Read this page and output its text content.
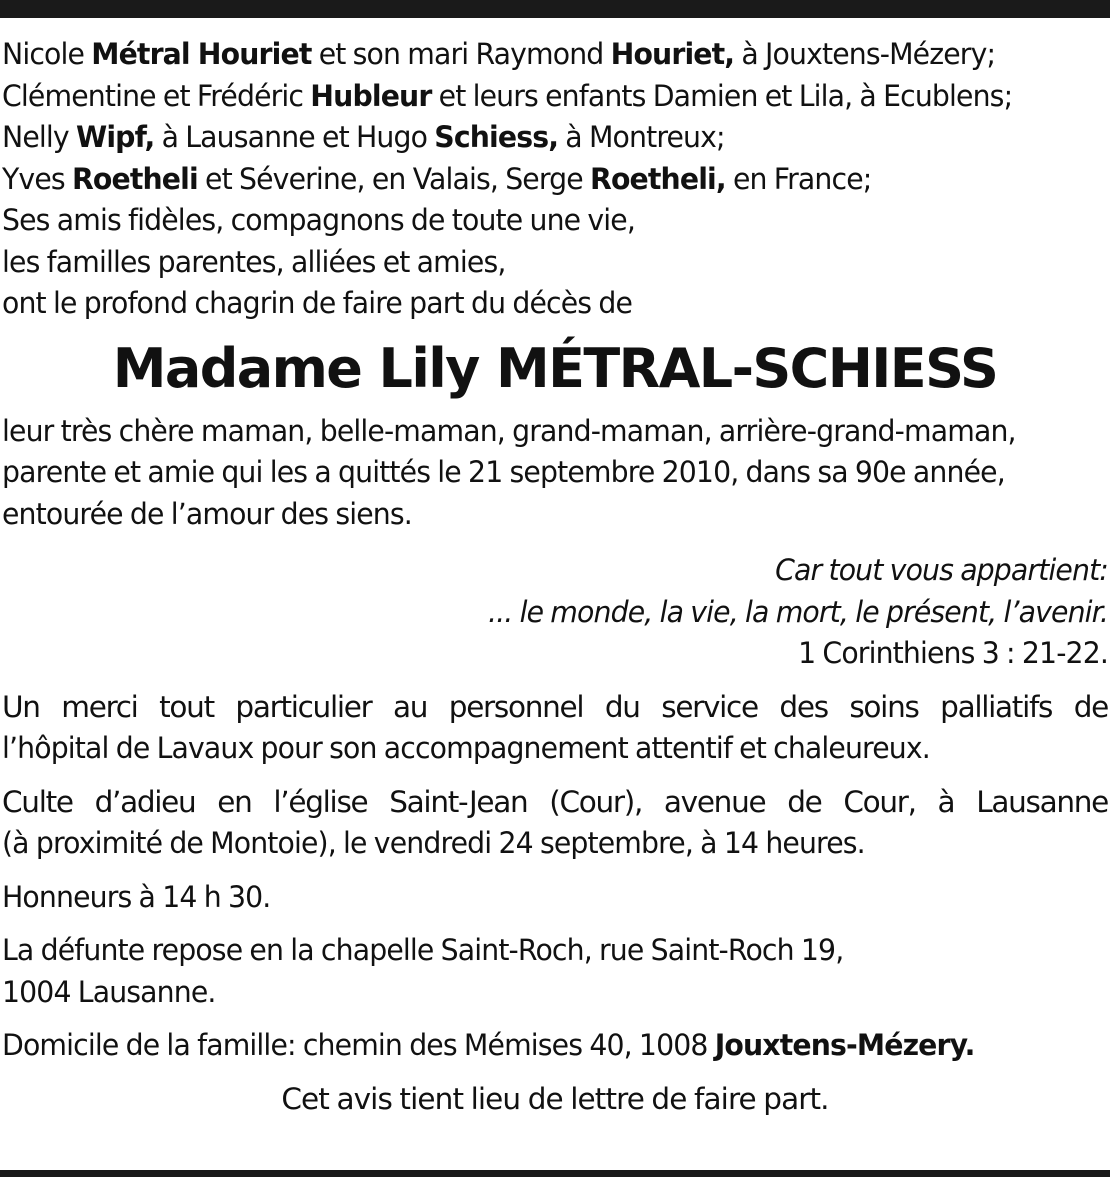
Nicole Métral Houriet et son mari Raymond Houriet, à Jouxtens-Mézery;
Clémentine et Frédéric Hubleur et leurs enfants Damien et Lila, à Ecublens;
Nelly Wipf, à Lausanne et Hugo Schiess, à Montreux;
Yves Roetheli et Séverine, en Valais, Serge Roetheli, en France;
Ses amis fidèles, compagnons de toute une vie,
les familles parentes, alliées et amies,
ont le profond chagrin de faire part du décès de
Madame Lily MÉTRAL-SCHIESS
leur très chère maman, belle-maman, grand-maman, arrière-grand-maman,
parente et amie qui les a quittés le 21 septembre 2010, dans sa 90e année,
entourée de l’amour des siens.
Car tout vous appartient:
... le monde, la vie, la mort, le présent, l’avenir.
1 Corinthiens 3 : 21-22.
Un merci tout particulier au personnel du service des soins palliatifs de
l’hôpital de Lavaux pour son accompagnement attentif et chaleureux.
Culte d’adieu en l’église Saint-Jean (Cour), avenue de Cour, à Lausanne
(à proximité de Montoie), le vendredi 24 septembre, à 14 heures.
Honneurs à 14 h 30.
La défunte repose en la chapelle Saint-Roch, rue Saint-Roch 19,
1004 Lausanne.
Domicile de la famille: chemin des Mémises 40, 1008 Jouxtens-Mézery.
Cet avis tient lieu de lettre de faire part.
